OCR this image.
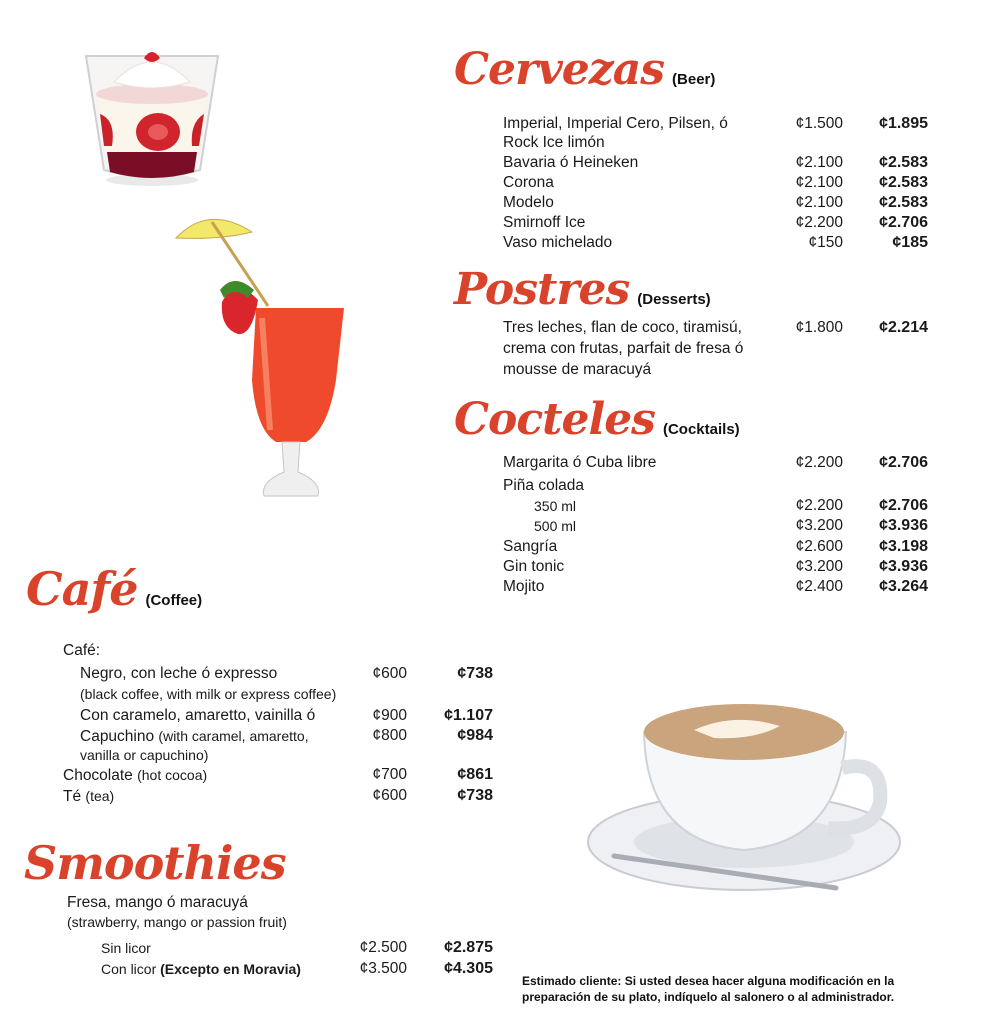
Cervezas (Beer)
Imperial, Imperial Cero, Pilsen, ó
Rock Ice limón
¢1.500	¢1.895
Bavaria ó Heineken	¢2.100	¢2.583
Corona	¢2.100	¢2.583
Modelo	¢2.100	¢2.583
Smirnoff Ice	¢2.200	¢2.706
Vaso michelado	¢150	¢185
Postres (Desserts)
Tres leches, flan de coco, tiramisú,
crema con frutas, parfait de fresa ó
mousse de maracuyá
¢1.800	¢2.214
Cocteles (Cocktails)
Margarita ó Cuba libre	¢2.200	¢2.706
Piña colada
350 ml	¢2.200	¢2.706
500 ml	¢3.200	¢3.936
Sangría	¢2.600	¢3.198
Gin tonic	¢3.200	¢3.936
Mojito	¢2.400	¢3.264
Café (Coffee)
Café:
Negro, con leche ó expresso
(black coffee, with milk or express coffee)
¢600	¢738
Con caramelo, amaretto, vainilla ó	¢900	¢1.107
Capuchino (with caramel, amaretto,
vanilla or capuchino)
¢800	¢984
Chocolate (hot cocoa)	¢700	¢861
Té (tea)	¢600	¢738
Smoothies
Fresa, mango ó maracuyá
(strawberry, mango or passion fruit)
Sin licor	¢2.500	¢2.875
Con licor (Excepto en Moravia)	¢3.500	¢4.305
Estimado cliente: Si usted desea hacer alguna modificación en la
preparación de su plato, indíquelo al salonero o al administrador.
